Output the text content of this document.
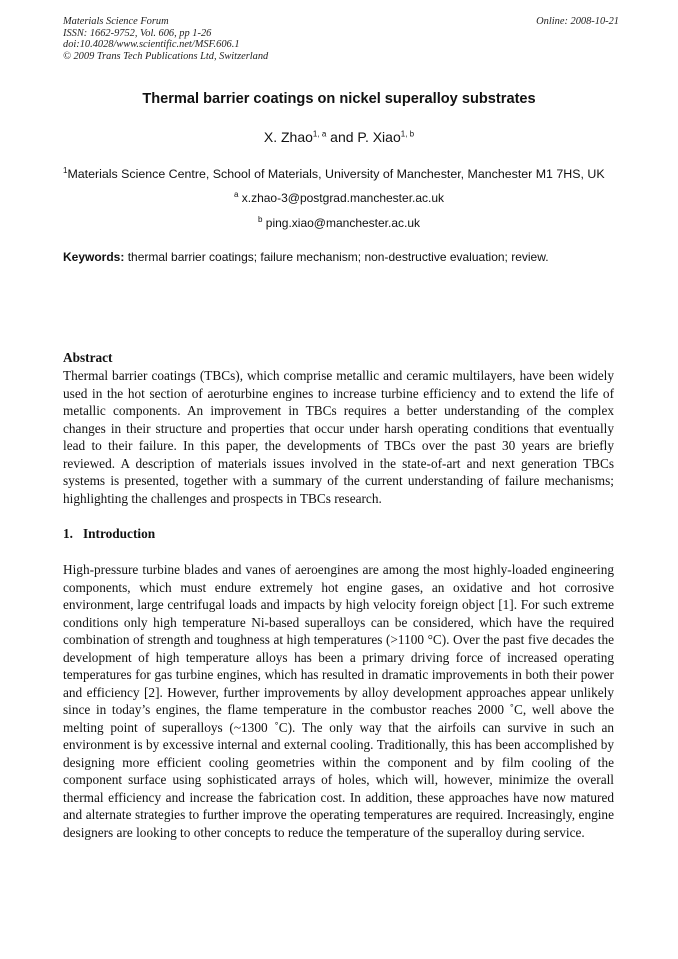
Materials Science Forum
ISSN: 1662-9752, Vol. 606, pp 1-26
doi:10.4028/www.scientific.net/MSF.606.1
© 2009 Trans Tech Publications Ltd, Switzerland
Online: 2008-10-21
Thermal barrier coatings on nickel superalloy substrates
X. Zhao$^{1, a}$ and P. Xiao$^{1, b}$
$^1$Materials Science Centre, School of Materials, University of Manchester, Manchester M1 7HS, UK
$^a$ x.zhao-3@postgrad.manchester.ac.uk
$^b$ ping.xiao@manchester.ac.uk
Keywords: thermal barrier coatings; failure mechanism; non-destructive evaluation; review.
Abstract
Thermal barrier coatings (TBCs), which comprise metallic and ceramic multilayers, have been widely used in the hot section of aeroturbine engines to increase turbine efficiency and to extend the life of metallic components. An improvement in TBCs requires a better understanding of the complex changes in their structure and properties that occur under harsh operating conditions that eventually lead to their failure. In this paper, the developments of TBCs over the past 30 years are briefly reviewed. A description of materials issues involved in the state-of-art and next generation TBCs systems is presented, together with a summary of the current understanding of failure mechanisms; highlighting the challenges and prospects in TBCs research.
1.   Introduction
High-pressure turbine blades and vanes of aeroengines are among the most highly-loaded engineering components, which must endure extremely hot engine gases, an oxidative and hot corrosive environment, large centrifugal loads and impacts by high velocity foreign object [1]. For such extreme conditions only high temperature Ni-based superalloys can be considered, which have the required combination of strength and toughness at high temperatures (>1100 °C). Over the past five decades the development of high temperature alloys has been a primary driving force of increased operating temperatures for gas turbine engines, which has resulted in dramatic improvements in both their power and efficiency [2]. However, further improvements by alloy development approaches appear unlikely since in today’s engines, the flame temperature in the combustor reaches 2000 ˚C, well above the melting point of superalloys (~1300 ˚C). The only way that the airfoils can survive in such an environment is by excessive internal and external cooling. Traditionally, this has been accomplished by designing more efficient cooling geometries within the component and by film cooling of the component surface using sophisticated arrays of holes, which will, however, minimize the overall thermal efficiency and increase the fabrication cost. In addition, these approaches have now matured and alternate strategies to further improve the operating temperatures are required. Increasingly, engine designers are looking to other concepts to reduce the temperature of the superalloy during service.
